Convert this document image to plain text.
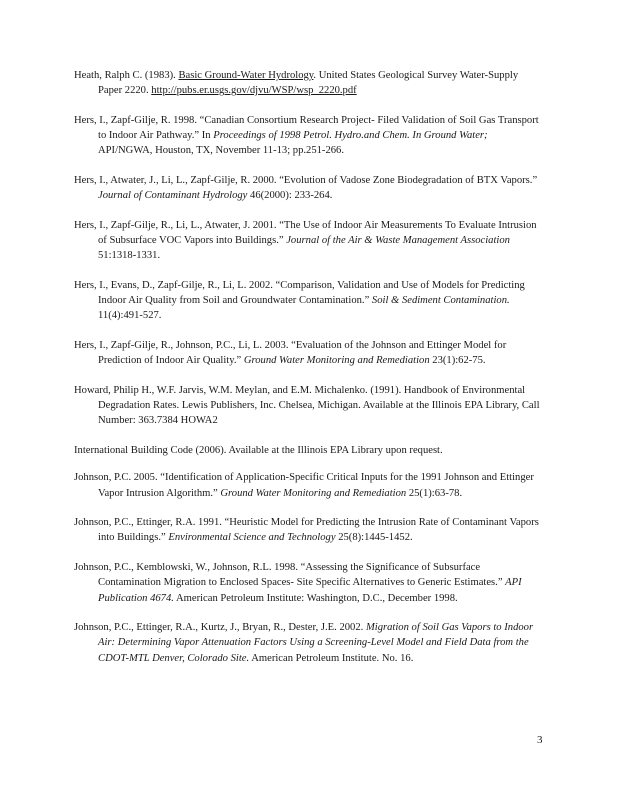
Heath, Ralph C. (1983). Basic Ground-Water Hydrology. United States Geological Survey Water-Supply Paper 2220. http://pubs.er.usgs.gov/djvu/WSP/wsp_2220.pdf

Hers, I., Zapf-Gilje, R. 1998. “Canadian Consortium Research Project- Filed Validation of Soil Gas Transport to Indoor Air Pathway.” In Proceedings of 1998 Petrol. Hydro.and Chem. In Ground Water; API/NGWA, Houston, TX, November 11-13; pp.251-266.

Hers, I., Atwater, J., Li, L., Zapf-Gilje, R. 2000. “Evolution of Vadose Zone Biodegradation of BTX Vapors.” Journal of Contaminant Hydrology 46(2000): 233-264.

Hers, I., Zapf-Gilje, R., Li, L., Atwater, J. 2001. “The Use of Indoor Air Measurements To Evaluate Intrusion of Subsurface VOC Vapors into Buildings.” Journal of the Air & Waste Management Association 51:1318-1331.

Hers, I., Evans, D., Zapf-Gilje, R., Li, L. 2002. “Comparison, Validation and Use of Models for Predicting Indoor Air Quality from Soil and Groundwater Contamination.” Soil & Sediment Contamination. 11(4):491-527.

Hers, I., Zapf-Gilje, R., Johnson, P.C., Li, L. 2003. “Evaluation of the Johnson and Ettinger Model for Prediction of Indoor Air Quality.” Ground Water Monitoring and Remediation 23(1):62-75.

Howard, Philip H., W.F. Jarvis, W.M. Meylan, and E.M. Michalenko. (1991). Handbook of Environmental Degradation Rates. Lewis Publishers, Inc. Chelsea, Michigan. Available at the Illinois EPA Library, Call Number: 363.7384 HOWA2

International Building Code (2006). Available at the Illinois EPA Library upon request.

Johnson, P.C. 2005. “Identification of Application-Specific Critical Inputs for the 1991 Johnson and Ettinger Vapor Intrusion Algorithm.” Ground Water Monitoring and Remediation 25(1):63-78.

Johnson, P.C., Ettinger, R.A. 1991. “Heuristic Model for Predicting the Intrusion Rate of Contaminant Vapors into Buildings.” Environmental Science and Technology 25(8):1445-1452.

Johnson, P.C., Kemblowski, W., Johnson, R.L. 1998. “Assessing the Significance of Subsurface Contamination Migration to Enclosed Spaces- Site Specific Alternatives to Generic Estimates.” API Publication 4674. American Petroleum Institute: Washington, D.C., December 1998.

Johnson, P.C., Ettinger, R.A., Kurtz, J., Bryan, R., Dester, J.E. 2002. Migration of Soil Gas Vapors to Indoor Air: Determining Vapor Attenuation Factors Using a Screening-Level Model and Field Data from the CDOT-MTL Denver, Colorado Site. American Petroleum Institute. No. 16.

3
